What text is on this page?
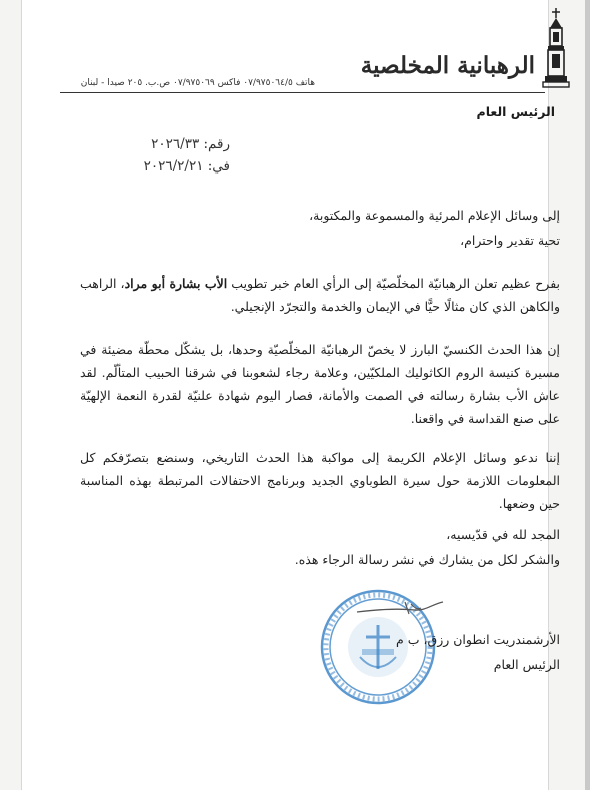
الرهبانية المخلصية
هاتف ٠٧/٩٧٥٠٦٤/٥ فاكس ٠٧/٩٧٥٠٦٩ ص.ب. ٢٠٥ صيدا - لبنان
الرئيس العام
رقم: ٢٠٢٦/٣٣
في: ٢٠٢٦/٢/٢١
إلى وسائل الإعلام المرئية والمسموعة والمكتوبة،
تحية تقدير واحترام،
بفرح عظيم تعلن الرهبانيّة المخلّصيّة إلى الرأي العام خبر تطويب الأب بشارة أبو مراد، الراهب والكاهن الذي كان مثالًا حيًّا في الإيمان والخدمة والتجرّد الإنجيلي.
إن هذا الحدث الكنسيّ البارز لا يخصّ الرهبانيّة المخلّصيّة وحدها، بل يشكّل محطّة مضيئة في مسيرة كنيسة الروم الكاثوليك الملكيّين، وعلامة رجاء لشعوبنا في شرقنا الحبيب المتألّم. لقد عاش الأب بشارة رسالته في الصمت والأمانة، فصار اليوم شهادة علنيّة لقدرة النعمة الإلهيّة على صنع القداسة في واقعنا.
إننا ندعو وسائل الإعلام الكريمة إلى مواكبة هذا الحدث التاريخي، وسنضع بتصرّفكم كل المعلومات اللازمة حول سيرة الطوباوي الجديد وبرنامج الاحتفالات المرتبطة بهذه المناسبة حين وضعها.
المجد لله في قدّيسيه،
والشكر لكل من يشارك في نشر رسالة الرجاء هذه.
الأرشمندريت انطوان رزق، ب م
الرئيس العام
